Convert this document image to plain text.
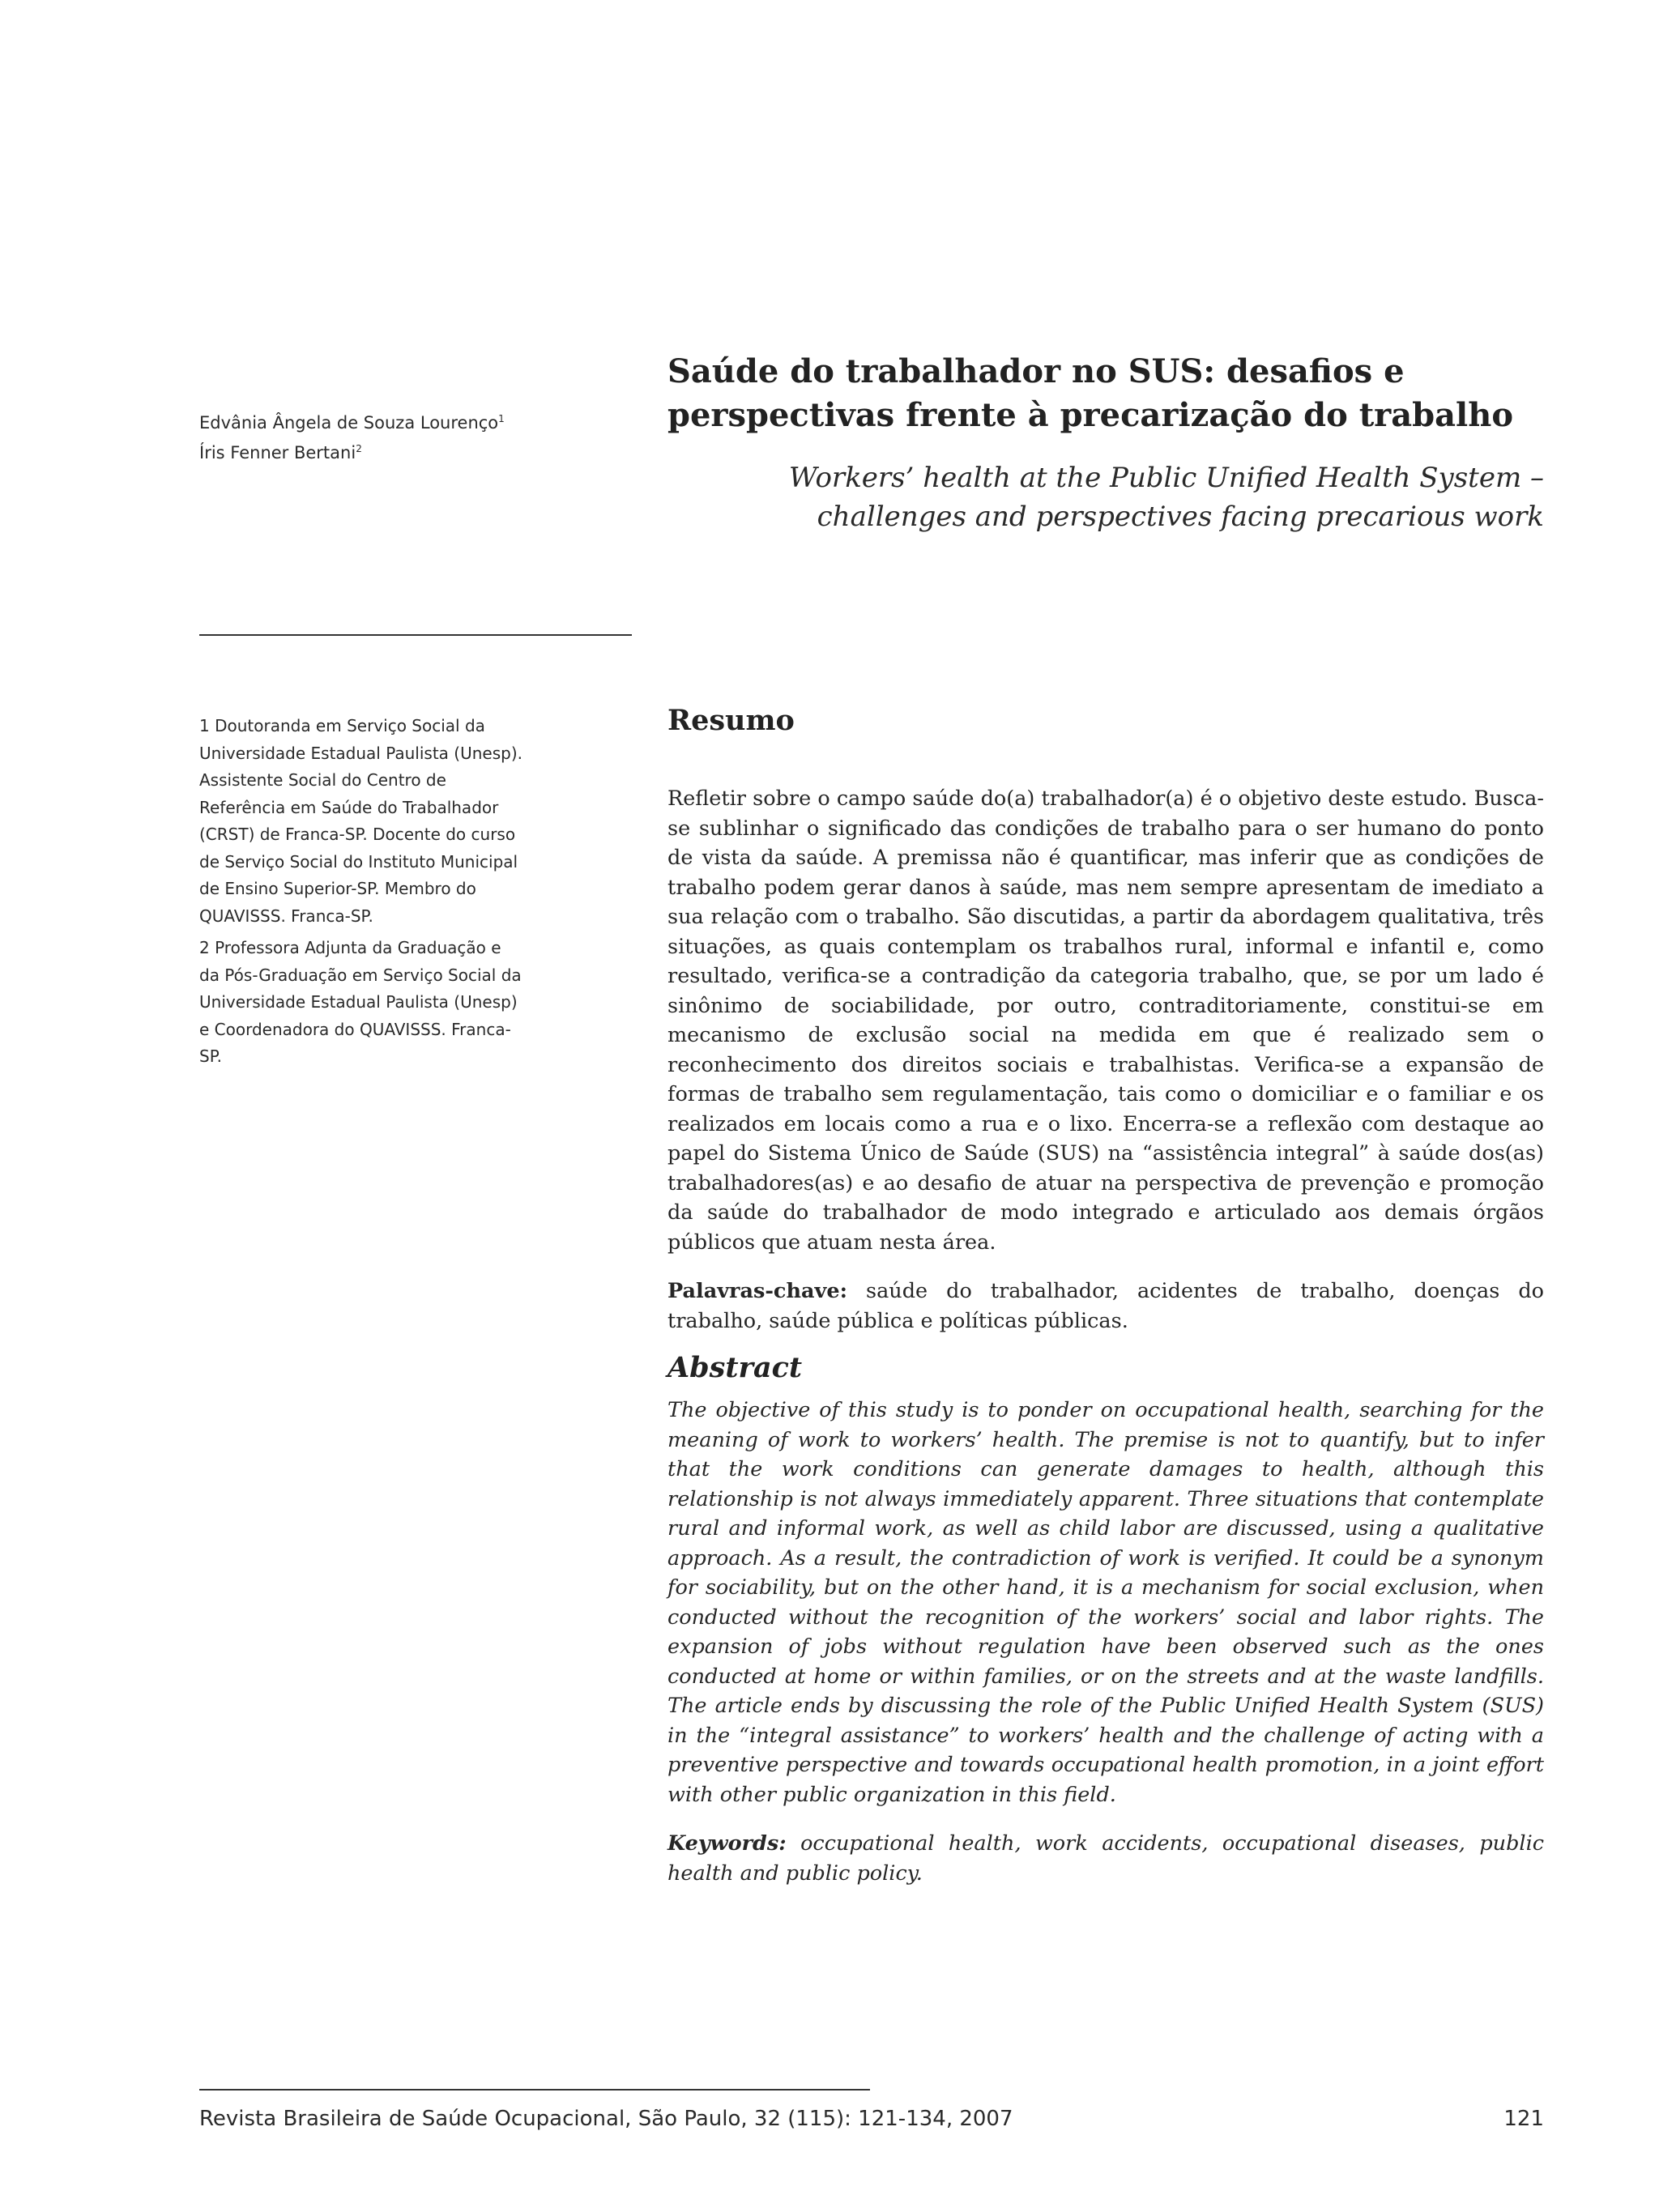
Edvânia Ângela de Souza Lourenço$^1$
Íris Fenner Bertani$^2$
Saúde do trabalhador no SUS: desafios e perspectivas frente à precarização do trabalho

Workers’ health at the Public Unified Health System – challenges and perspectives facing precarious work

1 Doutoranda em Serviço Social da Universidade Estadual Paulista (Unesp). Assistente Social do Centro de Referência em Saúde do Trabalhador (CRST) de Franca-SP. Docente do curso de Serviço Social do Instituto Municipal de Ensino Superior-SP. Membro do QUAVISSS. Franca-SP.

2 Professora Adjunta da Graduação e da Pós-Graduação em Serviço Social da Universidade Estadual Paulista (Unesp) e Coordenadora do QUAVISSS. Franca-SP.

Resumo

Refletir sobre o campo saúde do(a) trabalhador(a) é o objetivo deste estudo. Busca-se sublinhar o significado das condições de trabalho para o ser humano do ponto de vista da saúde. A premissa não é quantificar, mas inferir que as condições de trabalho podem gerar danos à saúde, mas nem sempre apresentam de imediato a sua relação com o trabalho. São discutidas, a partir da abordagem qualitativa, três situações, as quais contemplam os trabalhos rural, informal e infantil e, como resultado, verifica-se a contradição da categoria trabalho, que, se por um lado é sinônimo de sociabilidade, por outro, contraditoriamente, constitui-se em mecanismo de exclusão social na medida em que é realizado sem o reconhecimento dos direitos sociais e trabalhistas. Verifica-se a expansão de formas de trabalho sem regulamentação, tais como o domiciliar e o familiar e os realizados em locais como a rua e o lixo. Encerra-se a reflexão com destaque ao papel do Sistema Único de Saúde (SUS) na “assistência integral” à saúde dos(as) trabalhadores(as) e ao desafio de atuar na perspectiva de prevenção e promoção da saúde do trabalhador de modo integrado e articulado aos demais órgãos públicos que atuam nesta área.

Palavras-chave: saúde do trabalhador, acidentes de trabalho, doenças do trabalho, saúde pública e políticas públicas.

Abstract

The objective of this study is to ponder on occupational health, searching for the meaning of work to workers’ health. The premise is not to quantify, but to infer that the work conditions can generate damages to health, although this relationship is not always immediately apparent. Three situations that contemplate rural and informal work, as well as child labor are discussed, using a qualitative approach. As a result, the contradiction of work is verified. It could be a synonym for sociability, but on the other hand, it is a mechanism for social exclusion, when conducted without the recognition of the workers’ social and labor rights. The expansion of jobs without regulation have been observed such as the ones conducted at home or within families, or on the streets and at the waste landfills. The article ends by discussing the role of the Public Unified Health System (SUS) in the “integral assistance” to workers’ health and the challenge of acting with a preventive perspective and towards occupational health promotion, in a joint effort with other public organization in this field.

Keywords: occupational health, work accidents, occupational diseases, public health and public policy.

Revista Brasileira de Saúde Ocupacional, São Paulo, 32 (115): 121-134, 2007	121
